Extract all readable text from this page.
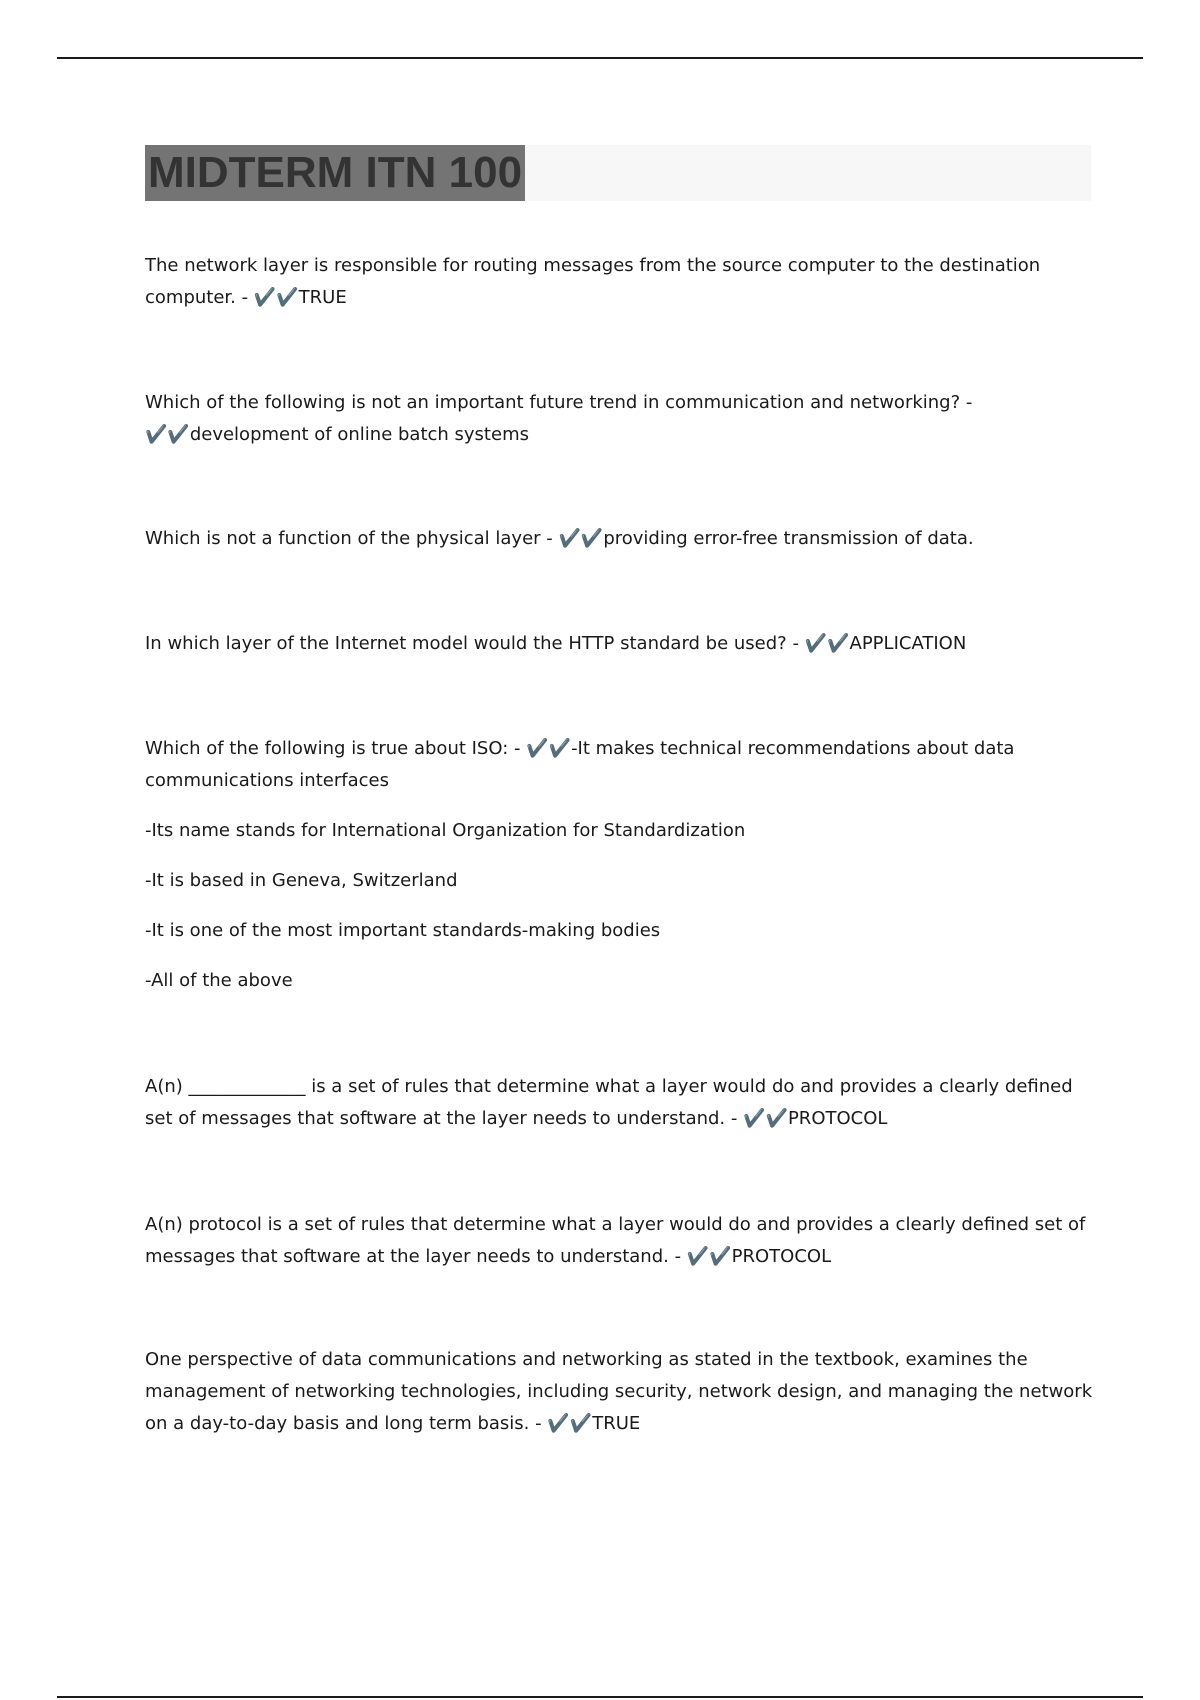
MIDTERM ITN 100

The network layer is responsible for routing messages from the source computer to the destination computer. - ✔️✔️TRUE

Which of the following is not an important future trend in communication and networking? - ✔️✔️development of online batch systems

Which is not a function of the physical layer - ✔️✔️providing error-free transmission of data.

In which layer of the Internet model would the HTTP standard be used? - ✔️✔️APPLICATION

Which of the following is true about ISO: - ✔️✔️-It makes technical recommendations about data communications interfaces

-Its name stands for International Organization for Standardization

-It is based in Geneva, Switzerland

-It is one of the most important standards-making bodies

-All of the above

A(n) _____________ is a set of rules that determine what a layer would do and provides a clearly defined set of messages that software at the layer needs to understand. - ✔️✔️PROTOCOL

A(n) protocol is a set of rules that determine what a layer would do and provides a clearly defined set of messages that software at the layer needs to understand. - ✔️✔️PROTOCOL

One perspective of data communications and networking as stated in the textbook, examines the management of networking technologies, including security, network design, and managing the network on a day-to-day basis and long term basis. - ✔️✔️TRUE
